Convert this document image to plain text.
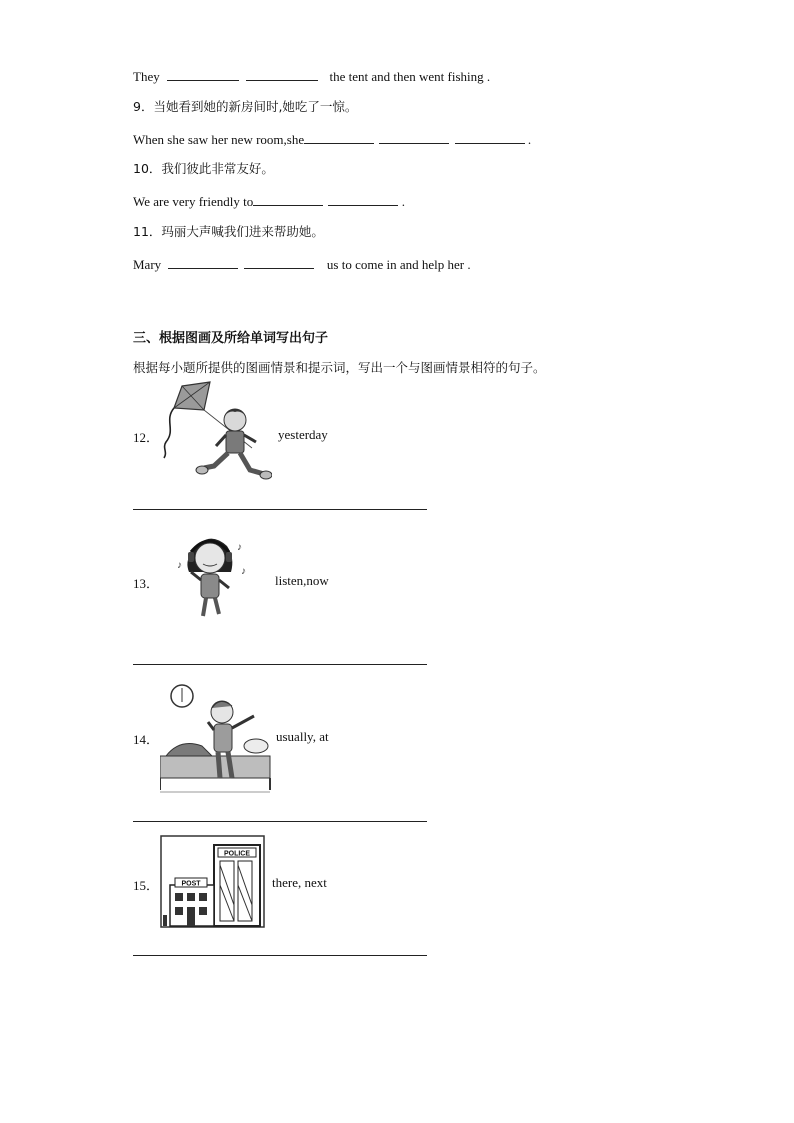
They	the tent and then went fishing .
9．当她看到她的新房间时,她吃了一惊。
When she saw her new room,she	.
10．我们彼此非常友好。
We are very friendly to	.
11．玛丽大声喊我们进来帮助她。
Mary	us to come in and help her .
三、根据图画及所给单词写出句子
根据每小题所提供的图画情景和提示词，写出一个与图画情景相符的句子。
12．	yesterday
13．
♪
♪
♪
listen,now
14．	usually, at
15．
POLICE
POST	there, next
